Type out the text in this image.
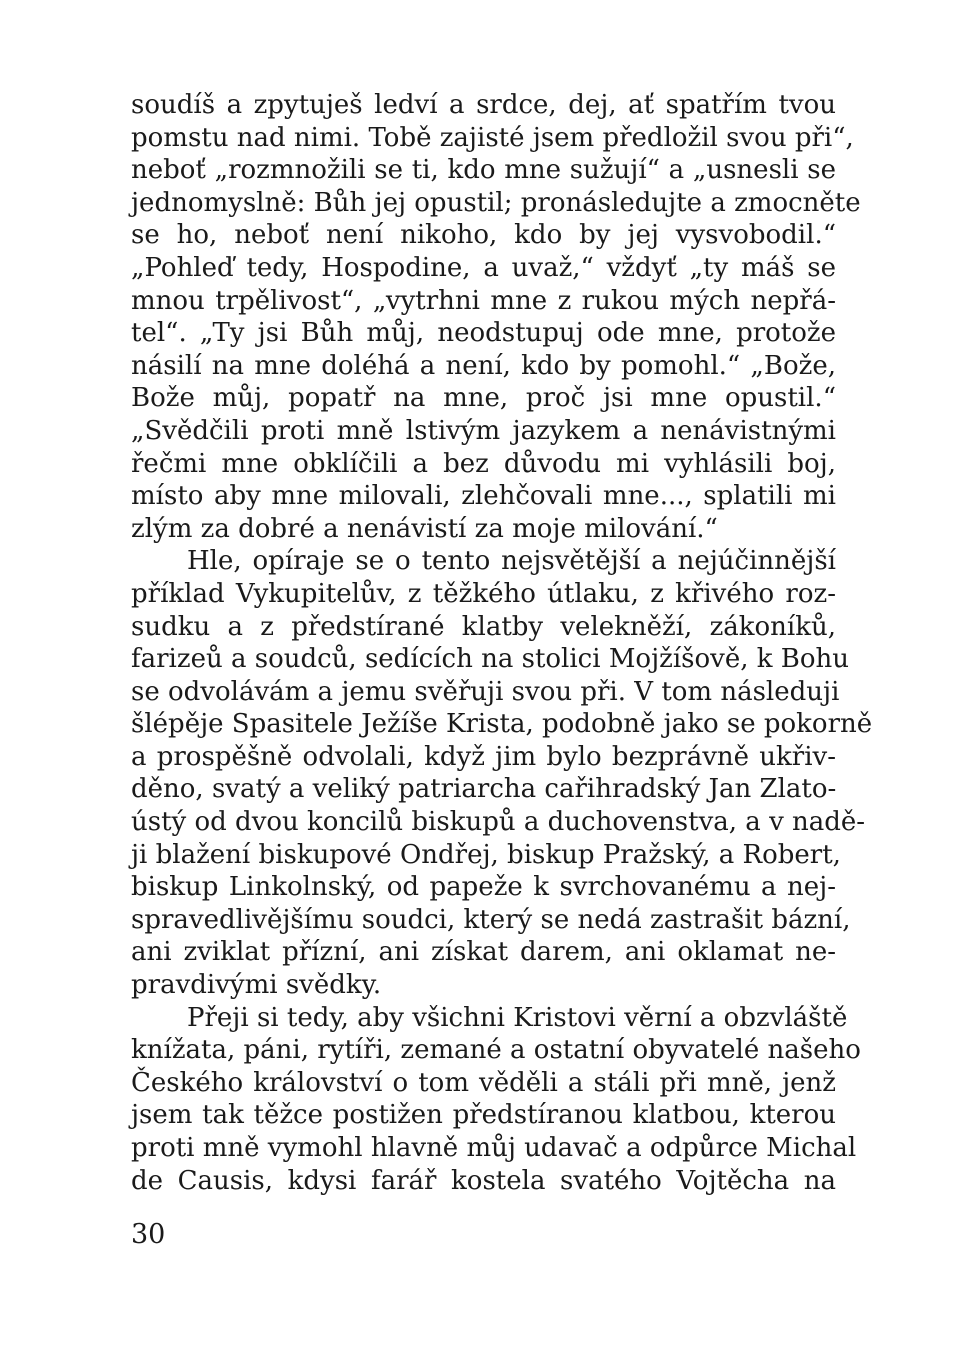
soudíš a zpytuješ ledví a srdce, dej, ať spatřím tvou
pomstu nad nimi. Tobě zajisté jsem předložil svou při“,
neboť „rozmnožili se ti, kdo mne sužují“ a „usnesli se
jednomyslně: Bůh jej opustil; pronásledujte a zmocněte
se ho, neboť není nikoho, kdo by jej vysvobodil.“
„Pohleď tedy, Hospodine, a uvaž,“ vždyť „ty máš se
mnou trpělivost“, „vytrhni mne z rukou mých nepřá-
tel“. „Ty jsi Bůh můj, neodstupuj ode mne, protože
násilí na mne doléhá a není, kdo by pomohl.“ „Bože,
Bože můj, popatř na mne, proč jsi mne opustil.“
„Svědčili proti mně lstivým jazykem a nenávistnými
řečmi mne obklíčili a bez důvodu mi vyhlásili boj,
místo aby mne milovali, zlehčovali mne..., splatili mi
zlým za dobré a nenávistí za moje milování.“
Hle, opíraje se o tento nejsvětější a nejúčinnější
příklad Vykupitelův, z těžkého útlaku, z křivého roz-
sudku a z předstírané klatby velekněží, zákoníků,
farizeů a soudců, sedících na stolici Mojžíšově, k Bohu
se odvolávám a jemu svěřuji svou při. V tom následuji
šlépěje Spasitele Ježíše Krista, podobně jako se pokorně
a prospěšně odvolali, když jim bylo bezprávně ukřiv-
děno, svatý a veliký patriarcha cařihradský Jan Zlato-
ústý od dvou koncilů biskupů a duchovenstva, a v nadě-
ji blažení biskupové Ondřej, biskup Pražský, a Robert,
biskup Linkolnský, od papeže k svrchovanému a nej-
spravedlivějšímu soudci, který se nedá zastrašit bázní,
ani zviklat přízní, ani získat darem, ani oklamat ne-
pravdivými svědky.
Přeji si tedy, aby všichni Kristovi věrní a obzvláště
knížata, páni, rytíři, zemané a ostatní obyvatelé našeho
Českého království o tom věděli a stáli při mně, jenž
jsem tak těžce postižen předstíranou klatbou, kterou
proti mně vymohl hlavně můj udavač a odpůrce Michal
de Causis, kdysi farář kostela svatého Vojtěcha na
30
